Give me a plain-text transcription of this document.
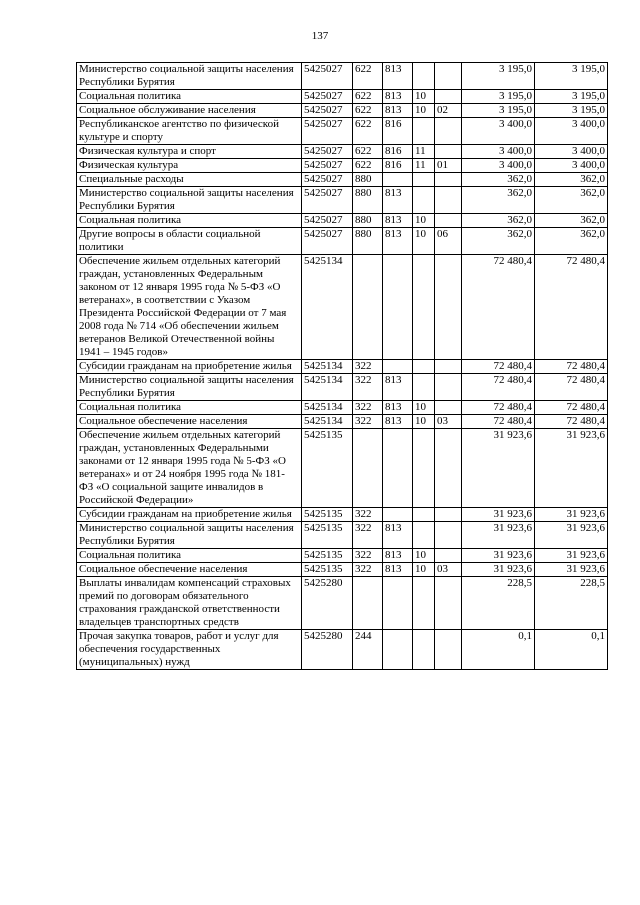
137
Министерство социальной защиты населения Республики Бурятия	5425027	622	813			3 195,0	3 195,0
Социальная политика	5425027	622	813	10		3 195,0	3 195,0
Социальное обслуживание населения	5425027	622	813	10	02	3 195,0	3 195,0
Республиканское агентство по физической культуре и спорту	5425027	622	816			3 400,0	3 400,0
Физическая культура и спорт	5425027	622	816	11		3 400,0	3 400,0
Физическая культура	5425027	622	816	11	01	3 400,0	3 400,0
Специальные расходы	5425027	880				362,0	362,0
Министерство социальной защиты населения Республики Бурятия	5425027	880	813			362,0	362,0
Социальная политика	5425027	880	813	10		362,0	362,0
Другие вопросы в области социальной политики	5425027	880	813	10	06	362,0	362,0
Обеспечение жильем отдельных категорий граждан, установленных Федеральным законом от 12 января 1995 года № 5-ФЗ «О ветеранах», в соответствии с Указом Президента Российской Федерации от 7 мая 2008 года № 714 «Об обеспечении жильем ветеранов Великой Отечественной войны 1941 – 1945 годов»	5425134					72 480,4	72 480,4
Субсидии гражданам на приобретение жилья	5425134	322				72 480,4	72 480,4
Министерство социальной защиты населения Республики Бурятия	5425134	322	813			72 480,4	72 480,4
Социальная политика	5425134	322	813	10		72 480,4	72 480,4
Социальное обеспечение населения	5425134	322	813	10	03	72 480,4	72 480,4
Обеспечение жильем отдельных категорий граждан, установленных Федеральными законами от 12 января 1995 года № 5-ФЗ «О ветеранах» и от 24 ноября 1995 года № 181-ФЗ «О социальной защите инвалидов в Российской Федерации»	5425135					31 923,6	31 923,6
Субсидии гражданам на приобретение жилья	5425135	322				31 923,6	31 923,6
Министерство социальной защиты населения Республики Бурятия	5425135	322	813			31 923,6	31 923,6
Социальная политика	5425135	322	813	10		31 923,6	31 923,6
Социальное обеспечение населения	5425135	322	813	10	03	31 923,6	31 923,6
Выплаты инвалидам компенсаций страховых премий по договорам обязательного страхования гражданской ответственности владельцев транспортных средств	5425280					228,5	228,5
Прочая закупка товаров, работ и услуг для обеспечения государственных (муниципальных) нужд	5425280	244				0,1	0,1
